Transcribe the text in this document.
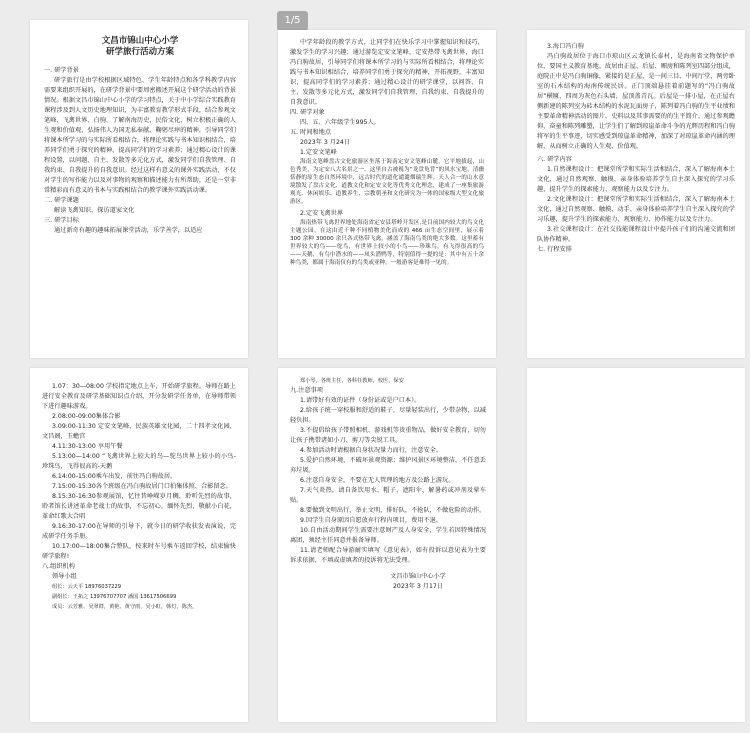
1/5
文昌市锦山中心小学
研学旅行活动方案
一. 研学背景
研学旅行是由学校根据区域特色、学生年龄特点和各学科教学内容需要来组织开展的，在研学背景中要周密搬述开展这个研学活动的背景情况。根据文昌市锦山中心小学的学习特点，关于中小学综合实践教育课程涉及到人文历史地理知识，为丰富教育教学形式手段，结合参观文笔峰、飞禽世界、白驹、了解南海历史、民俗文化，树立积极正确的人生观和价值观，弘扬伟人为国无私奉献、鞠躬尽瘁的精神，引导同学们将课本所学习的与实际所看相结合，将理论实践与书本知识相结合，培养同学们勇于探究的精神，提高同学们的学习素养；通过精心设计的课程设置，以问题、自主、发散等多元化方式，激发同学们自我管理、自我约束、自我提升的自我意识。经过这样有意义的课外实践活动，不仅对学生的写作能力以及对事物的观察和描述能力有所帮助，还是一堂非常精彩而有意义的书本与实践相结合的教学课外实践活动课。
二. 研学课题
解读飞禽知识，探访道家文化
三. 研学目标
通过新奇有趣的趣味拓展课堂活动，乐学善学，以适应
中学年龄段的教学方式，让同学们在快乐学习中掌握知识和技巧，激发学生的学习兴趣；通过游览定安文笔峰，定安热带飞禽世界，海口冯白驹故居，引导同学们将课本所学习的与实际所看相结合，将理论实践与书本知识相结合，培养同学们勇于探究的精神，开拓视野，丰富知识，提高同学们的学习素养；通过精心设计的研学课堂，以问答、自主、发散等多元化方式，激发同学们自我管理、自我约束、自我提升的自我意识。
四. 研学对象
四、五、六年级学生995人。
五. 时间和地点
2023年 3 月24日
1.定安文笔峰
海南文笔峰盘古文化旅游区坐落于海南定安文笔峰山麓，它平地拔起，山色秀美，为定安八大名景之一。这里自古被视为“龙盘龟背”的风水宝地。清幽恬静的原生态自然环境中，远古时代的道化谴谴烟瑞生辉。天人合一的山水意境散发了盘古文化、道教文化和定安文化等优秀文化理念，建成了一座集旅游观光、休闲娱乐、道教养生、宗教朝圣和文化研究为一体的国家级大型文化旅游区。
2.定安飞禽世界
海南热带飞禽世界地处海南省定安县塔岭开发区,是目前国内较大的鸟文化主题公园。在这由近千种不同植物美化而成的 466 亩生态空间里，展示着 300 余种 30000 余只各式热带飞禽，涵盖了海南鸟类的绝大多数。这里蓄有世界较大的鸟——鸵鸟，有世界上较小的小鸟——珍珠鸟，有飞得很高的鸟——天鹅，有鸟中潜水的——凤头潜鸭等，特别值得一提的是：其中有五十余种鸟类，都属于海南仅有的鸟类或亚种，一般游客是难得一见的。
3.海口冯白驹
冯白驹故居位于海口市琼山区云龙镇长泰村，是海南省文物保护单位，要国主义教育基地。故居由正屋、后屋、厢房和陈列室四部分组成，庭院正中是冯白驹铜像，紧接的是正屋，是一间三目、中间厅堂，两旁卧室的石木结构的海南传统民居。正门顶端悬挂着前题写的“冯白驹故居”横匾，四周为灰色石头墙，屋顶盖青瓦。后屋是一排小屋，在正屋右侧新建的陈列室为砖木结构的水泥瓦面房子，陈列着冯白驹的生平业绩和主要革命精神活动的图片，史料以及其事需要的的生平简介。通过参观瞻仰，奋童和陈列雕塑，让学生们了解到琼崖革命斗争的光辉历程和冯白驹将军的生平事迹，切实感受到琼崖革命精神，加深了对琼崖革命内涵的理解，从而树立正确的人生观、价值观。
六. 研学内容
1.自然课程设计：把课堂所学和实际生活相结合，深入了解海南本土文化，通过自然观察、触摸、亲身体验培养学生自主深入探究的学习乐趣，提升学生的探索能力、观察能力以及专注力。
2.文化课程设计：把课堂所学和实际生活相结合，深入了解海南本土文化，通过自然观察、触摸、动手、亲身体验培养学生自主深入探究的学习乐趣，提升学生的探索能力、观察能力、协作能力以及专注力。
3.社交课程设计：在社交技能课程设计中提升孩子们的沟通交流和团队协作精神。
七. 行程安排
1.07：30—08:00 学校指定地点上车，开始研学旅程。导师在路上进行安全教育及研学基础知识点介绍，开分发研学任务单，在导师带领下进行趣味游戏。
2.08:00-09:00集体合影
3.09:00-11:30 定安文笔峰，民族英雄文化园，二十四孝文化园，文昌阁，玉蟾宫
4.11:30-13:00 享用午餐
5.13:00—14:00 “飞禽世界上较大的鸟—鸵鸟世界上较小的小鸟-珍珠鸟，飞得很高的-天鹅
6.14:00-15:00乘车出发，前往冯白驹故居。
7.15:00-15:30各个班级在冯白驹故居门口拍集体照、合影留念。
8.15:30-16:30参观展馆，忆往昔峥嵘岁月稠，聆听先烈的故事，聆者馆长讲述革命老战士的故事，不忘初心，缅怀先烈，敬献小白花，革命红歌大合唱
9.16:30-17:00在导师的引导下，就今日的研学收获发表演说，完成研学任务手册。
10.17:00—18:00集合整队，按来时车号乘车返回学校，结束愉快研学旅程!
八.组织机构
领导小组
组长：云天平 18976037229
副组长：王拓之 13976707707 潘国 13617506699
成员：云芳雅、吴翠群，黄艳、黄守雨，吴小虹，韩灯，陈杰，
郑小琴，各班主任，各科任教师，校医，保安
九.注意事项
1.请带好有效的证件（身份证或是户口本）。
2.给孩子统一穿校服和舒适的鞋子，尽量轻装出行，少带杂物，以减轻负担。
3.不提倡给孩子带照相机、游戏机等贵重物品，做好安全教育，切勿让孩子携带诸如小刀、剪刀等尖锐工具。
4.参加活动时请根据自身状况量力而行，注意安全。
5.爱护自然环境，不破坏景观资源；维护风景区环境整洁，不任意丢弃垃圾。
6.注意自身安全，不要在无人管理的地方及公路上游玩。
7.天气炎热，请自备饮用水、帽子、遮阳伞、解暑药或冲剂及晕车贴。
8.要做到文明出行，举止文明，排好队，不抢队，不做危险的动作。
9.因学生自身原因自愿放弃行程内项目，费用不退。
10.自由活动期间学生需要注意财产及人身安全，学生若因特殊情况离团，须经主任同意并报备导师。
11.请老师配合导游耐实填写《意见表》，如有投诉以意见表为主要诉求依据，不填或虚填者的投诉将无法受理。
文昌市锦山中心小学
2023年 3 月17日
